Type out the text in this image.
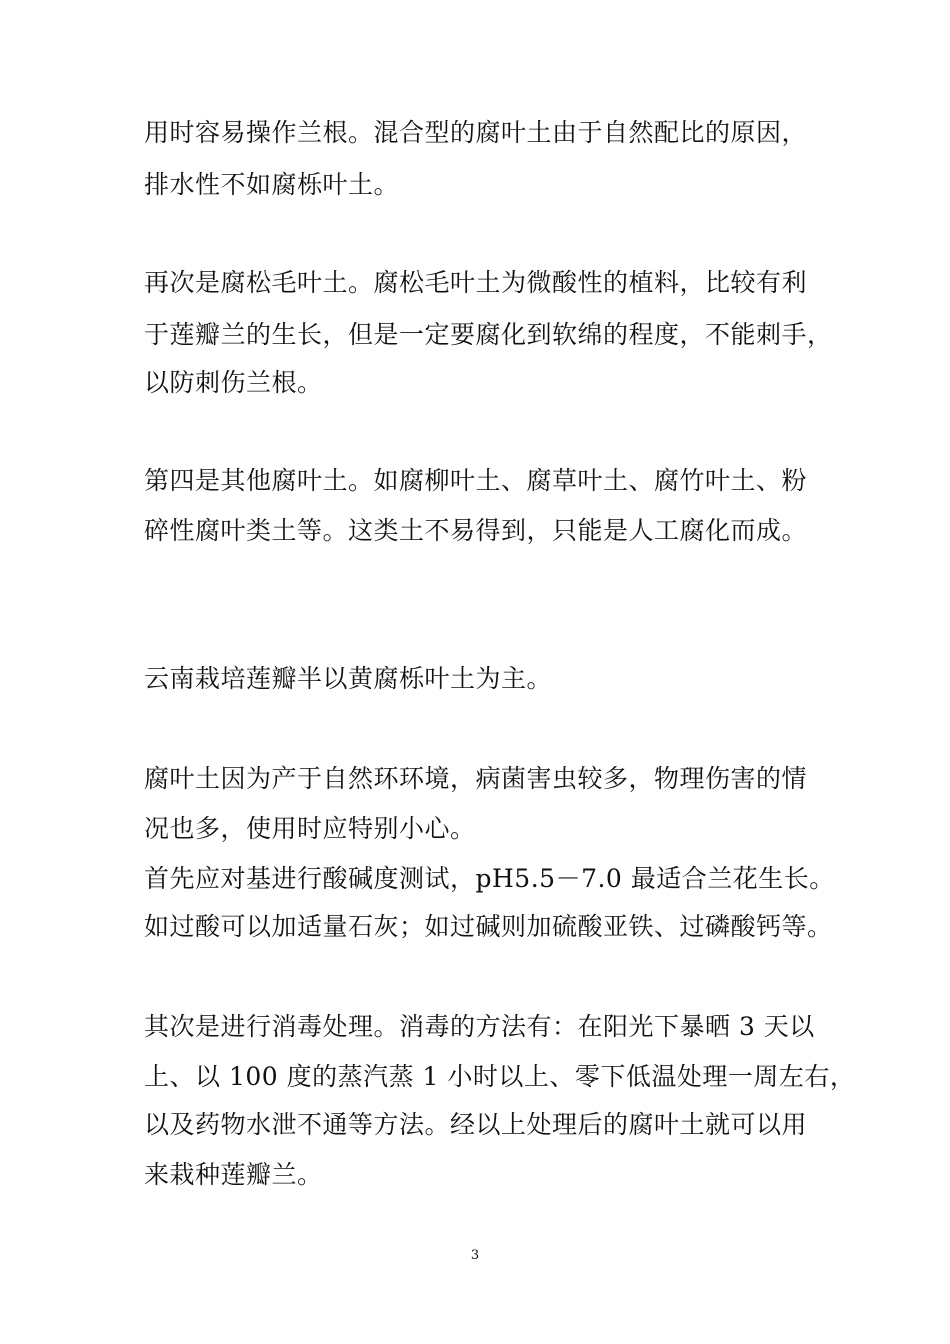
用时容易操作兰根。混合型的腐叶土由于自然配比的原因，
排水性不如腐栎叶土。
再次是腐松毛叶土。腐松毛叶土为微酸性的植料，比较有利
于莲瓣兰的生长，但是一定要腐化到软绵的程度，不能刺手，
以防刺伤兰根。
第四是其他腐叶土。如腐柳叶土、腐草叶土、腐竹叶土、粉
碎性腐叶类土等。这类土不易得到，只能是人工腐化而成。
云南栽培莲瓣半以黄腐栎叶土为主。
腐叶土因为产于自然环环境，病菌害虫较多，物理伤害的情
况也多，使用时应特别小心。
首先应对基进行酸碱度测试，pH5.5－7.0 最适合兰花生长。
如过酸可以加适量石灰；如过碱则加硫酸亚铁、过磷酸钙等。
其次是进行消毒处理。消毒的方法有：在阳光下暴晒 3 天以
上、以 100 度的蒸汽蒸 1 小时以上、零下低温处理一周左右，
以及药物水泄不通等方法。经以上处理后的腐叶土就可以用
来栽种莲瓣兰。
3
